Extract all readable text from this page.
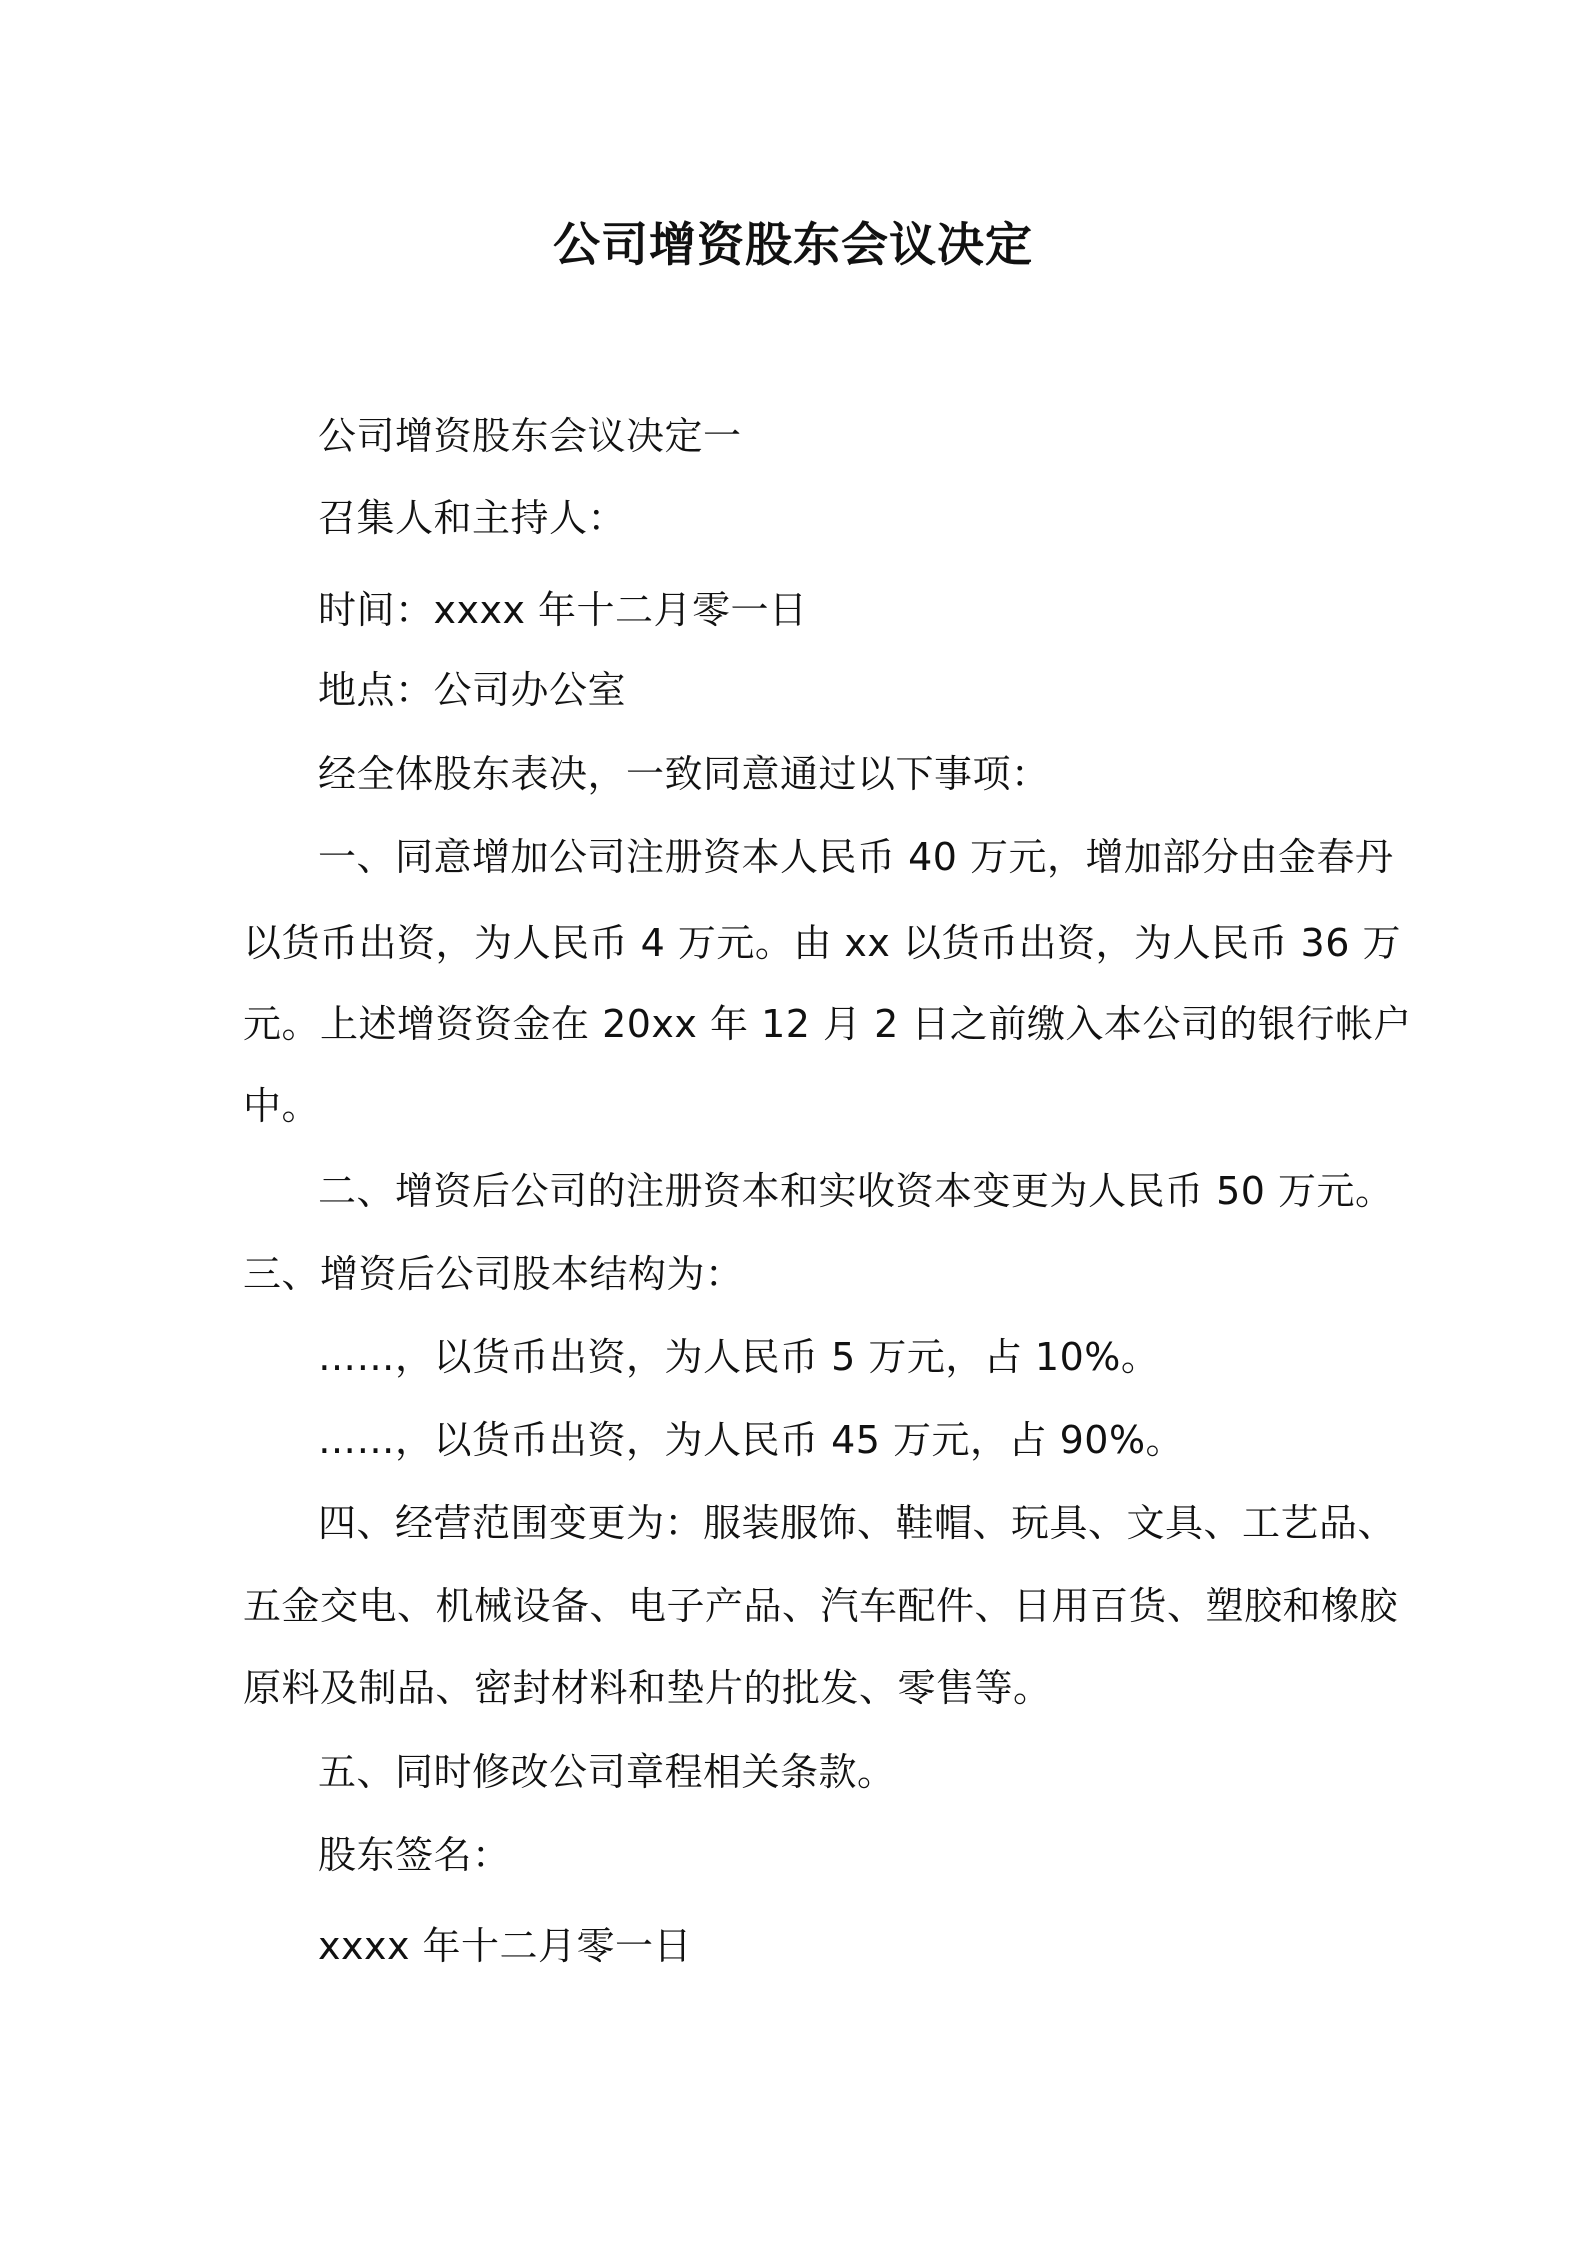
公司增资股东会议决定
公司增资股东会议决定一
召集人和主持人：
时间：xxxx 年十二月零一日
地点：公司办公室
经全体股东表决，一致同意通过以下事项：
一、同意增加公司注册资本人民币 40 万元，增加部分由金春丹
以货币出资，为人民币 4 万元。由 xx 以货币出资，为人民币 36 万
元。上述增资资金在 20xx 年 12 月 2 日之前缴入本公司的银行帐户
中。
二、增资后公司的注册资本和实收资本变更为人民币 50 万元。
三、增资后公司股本结构为：
……，以货币出资，为人民币 5 万元，占 10%。
……，以货币出资，为人民币 45 万元，占 90%。
四、经营范围变更为：服装服饰、鞋帽、玩具、文具、工艺品、
五金交电、机械设备、电子产品、汽车配件、日用百货、塑胶和橡胶
原料及制品、密封材料和垫片的批发、零售等。
五、同时修改公司章程相关条款。
股东签名：
xxxx 年十二月零一日
